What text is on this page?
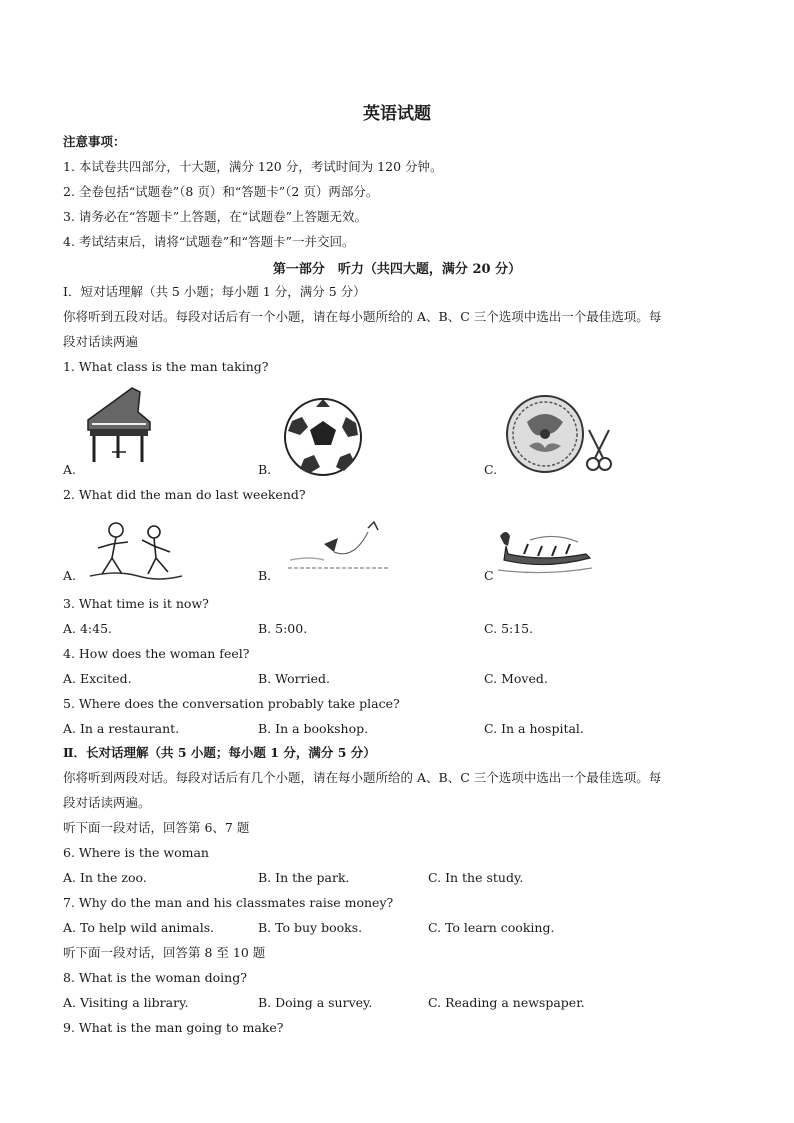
英语试题
注意事项：
1. 本试卷共四部分，十大题，满分 120 分，考试时间为 120 分钟。
2. 全卷包括“试题卷”（8 页）和“答题卡”（2 页）两部分。
3. 请务必在“答题卡”上答题，在“试题卷”上答题无效。
4. 考试结束后，请将“试题卷”和“答题卡”一并交回。
第一部分　听力（共四大题，满分 20 分）
Ⅰ．短对话理解（共 5 小题；每小题 1 分，满分 5 分）
你将听到五段对话。每段对话后有一个小题，请在每小题所给的 A、B、C 三个选项中选出一个最佳选项。每
段对话读两遍
1. What class is the man taking?
A.	B.	C.
2. What did the man do last weekend?
A.	B.	C
3. What time is it now?
A. 4:45.	B. 5:00.	C. 5:15.
4. How does the woman feel?
A. Excited.	B. Worried.	C. Moved.
5. Where does the conversation probably take place?
A. In a restaurant.	B. In a bookshop.	C. In a hospital.
Ⅱ．长对话理解（共 5 小题；每小题 1 分，满分 5 分）
你将听到两段对话。每段对话后有几个小题，请在每小题所给的 A、B、C 三个选项中选出一个最佳选项。每
段对话读两遍。
听下面一段对话，回答第 6、7 题
6. Where is the woman
A. In the zoo.	B. In the park.	C. In the study.
7. Why do the man and his classmates raise money?
A. To help wild animals.	B. To buy books.	C. To learn cooking.
听下面一段对话，回答第 8 至 10 题
8. What is the woman doing?
A. Visiting a library.	B. Doing a survey.	C. Reading a newspaper.
9. What is the man going to make?
